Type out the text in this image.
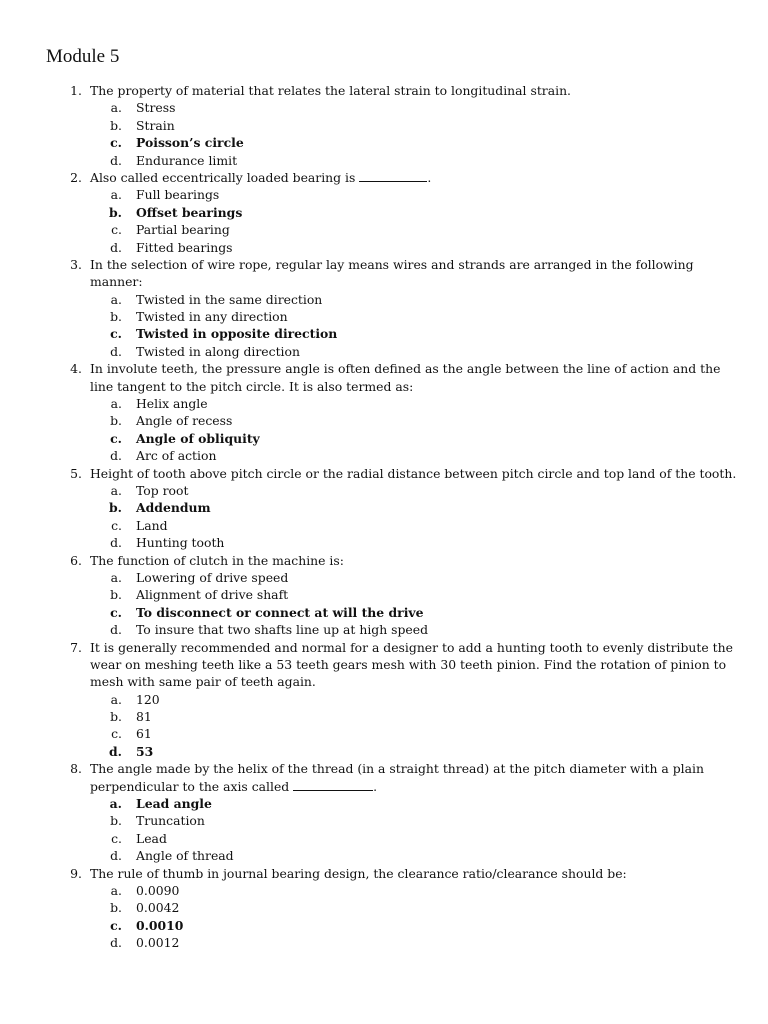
Module 5
1. The property of material that relates the lateral strain to longitudinal strain.
a. Stress
b. Strain
c. Poisson’s circle
d. Endurance limit
2. Also called eccentrically loaded bearing is	.
a. Full bearings
b. Offset bearings
c. Partial bearing
d. Fitted bearings
3. In the selection of wire rope, regular lay means wires and strands are arranged in the following
manner:
a. Twisted in the same direction
b. Twisted in any direction
c. Twisted in opposite direction
d. Twisted in along direction
4. In involute teeth, the pressure angle is often defined as the angle between the line of action and the
line tangent to the pitch circle. It is also termed as:
a. Helix angle
b. Angle of recess
c. Angle of obliquity
d. Arc of action
5. Height of tooth above pitch circle or the radial distance between pitch circle and top land of the tooth.
a. Top root
b. Addendum
c. Land
d. Hunting tooth
6. The function of clutch in the machine is:
a. Lowering of drive speed
b. Alignment of drive shaft
c. To disconnect or connect at will the drive
d. To insure that two shafts line up at high speed
7. It is generally recommended and normal for a designer to add a hunting tooth to evenly distribute the
wear on meshing teeth like a 53 teeth gears mesh with 30 teeth pinion. Find the rotation of pinion to
mesh with same pair of teeth again.
a. 120
b. 81
c. 61
d. 53
8. The angle made by the helix of the thread (in a straight thread) at the pitch diameter with a plain
perpendicular to the axis called	.
a. Lead angle
b. Truncation
c. Lead
d. Angle of thread
9. The rule of thumb in journal bearing design, the clearance ratio/clearance should be:
a. 0.0090
b. 0.0042
c. 0.0010
d. 0.0012
